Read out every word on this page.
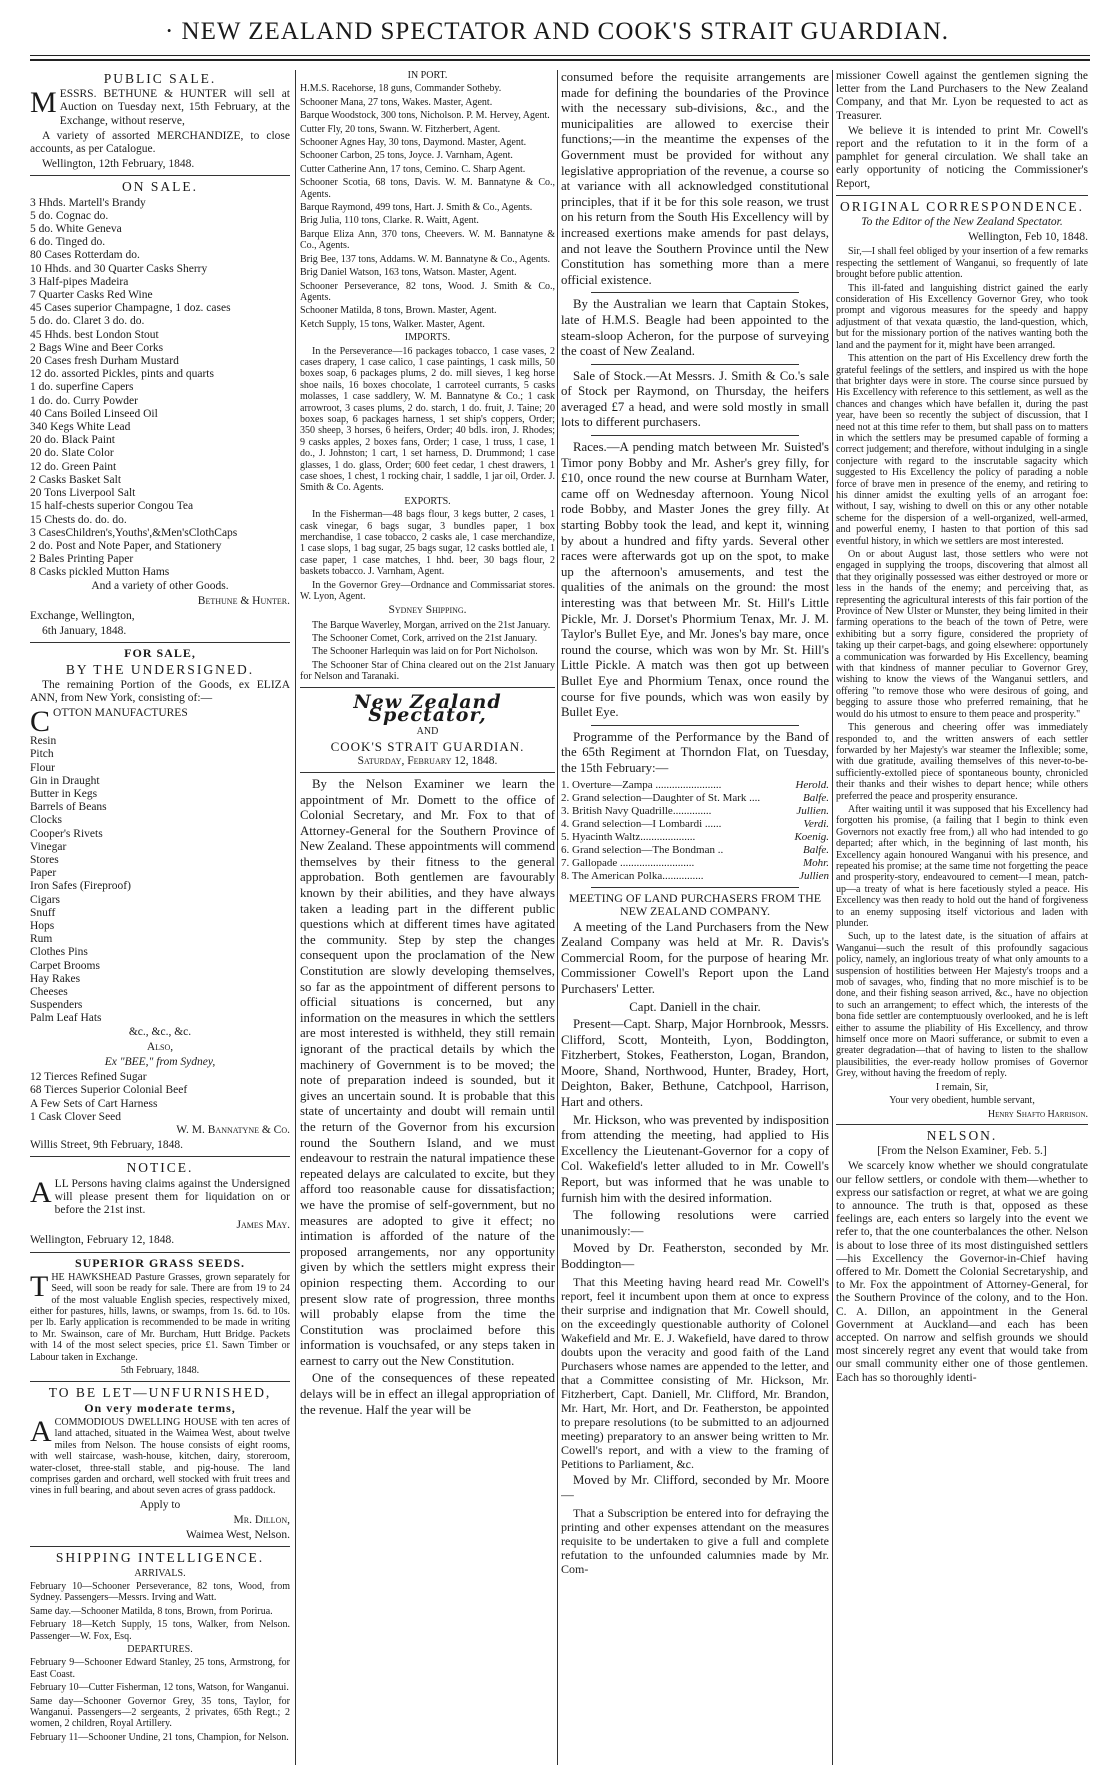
· NEW ZEALAND SPECTATOR AND COOK'S STRAIT GUARDIAN.
PUBLIC SALE.

MESSRS. BETHUNE & HUNTER will sell at Auction on Tuesday next, 15th February, at the Exchange, without reserve,

A variety of assorted MERCHANDIZE, to close accounts, as per Catalogue.

Wellington, 12th February, 1848.

ON SALE.
3 Hhds. Martell's Brandy
5 do. Cognac do.
5 do. White Geneva
6 do. Tinged do.
80 Cases Rotterdam do.
10 Hhds. and 30 Quarter Casks Sherry
3 Half-pipes Madeira
7 Quarter Casks Red Wine
45 Cases superior Champagne, 1 doz. cases
5 do. do. Claret 3 do. do.
45 Hhds. best London Stout
2 Bags Wine and Beer Corks
20 Cases fresh Durham Mustard
12 do. assorted Pickles, pints and quarts
1 do. superfine Capers
1 do. do. Curry Powder
40 Cans Boiled Linseed Oil
340 Kegs White Lead
20 do. Black Paint
20 do. Slate Color
12 do. Green Paint
2 Casks Basket Salt
20 Tons Liverpool Salt
15 half-chests superior Congou Tea
15 Chests do. do. do.
3 CasesChildren's,Youths',&Men'sClothCaps
2 do. Post and Note Paper, and Stationery
2 Bales Printing Paper
8 Casks pickled Mutton Hams

And a variety of other Goods.

Bethune & Hunter.

Exchange, Wellington,

6th January, 1848.

FOR SALE,
BY THE UNDERSIGNED.

The remaining Portion of the Goods, ex ELIZA ANN, from New York, consisting of:—

COTTON MANUFACTURES

Resin
Pitch
Flour
Gin in Draught
Butter in Kegs
Barrels of Beans
Clocks
Cooper's Rivets
Vinegar
Stores
Paper
Iron Safes (Fireproof)
Cigars
Snuff
Hops
Rum
Clothes Pins
Carpet Brooms
Hay Rakes
Cheeses
Suspenders
Palm Leaf Hats

&c., &c., &c.

Also,

Ex "BEE," from Sydney,

12 Tierces Refined Sugar
68 Tierces Superior Colonial Beef
A Few Sets of Cart Harness
1 Cask Clover Seed

W. M. Bannatyne & Co.

Willis Street, 9th February, 1848.

NOTICE.

ALL Persons having claims against the Undersigned will please present them for liquidation on or before the 21st inst.

James May.

Wellington, February 12, 1848.

SUPERIOR GRASS SEEDS.

THE HAWKSHEAD Pasture Grasses, grown separately for Seed, will soon be ready for sale. There are from 19 to 24 of the most valuable English species, respectively mixed, either for pastures, hills, lawns, or swamps, from 1s. 6d. to 10s. per lb. Early application is recommended to be made in writing to Mr. Swainson, care of Mr. Burcham, Hutt Bridge. Packets with 14 of the most select species, price £1. Sawn Timber or Labour taken in Exchange.

5th February, 1848.

TO BE LET—UNFURNISHED,
On very moderate terms,

ACOMMODIOUS DWELLING HOUSE with ten acres of land attached, situated in the Waimea West, about twelve miles from Nelson. The house consists of eight rooms, with well staircase, wash-house, kitchen, dairy, storeroom, water-closet, three-stall stable, and pig-house. The land comprises garden and orchard, well stocked with fruit trees and vines in full bearing, and about seven acres of grass paddock.

Apply to

Mr. Dillon,

Waimea West, Nelson.

SHIPPING INTELLIGENCE.

ARRIVALS.

February 10—Schooner Perseverance, 82 tons, Wood, from Sydney. Passengers—Messrs. Irving and Watt.

Same day.—Schooner Matilda, 8 tons, Brown, from Porirua.

February 18—Ketch Supply, 15 tons, Walker, from Nelson. Passenger—W. Fox, Esq.

DEPARTURES.

February 9—Schooner Edward Stanley, 25 tons, Armstrong, for East Coast.

February 10—Cutter Fisherman, 12 tons, Watson, for Wanganui.

Same day—Schooner Governor Grey, 35 tons, Taylor, for Wanganui. Passengers—2 sergeants, 2 privates, 65th Regt.; 2 women, 2 children, Royal Artillery.

February 11—Schooner Undine, 21 tons, Champion, for Nelson.

IN PORT.

H.M.S. Racehorse, 18 guns, Commander Sotheby.

Schooner Mana, 27 tons, Wakes. Master, Agent.

Barque Woodstock, 300 tons, Nicholson. P. M. Hervey, Agent.

Cutter Fly, 20 tons, Swann. W. Fitzherbert, Agent.

Schooner Agnes Hay, 30 tons, Daymond. Master, Agent.

Schooner Carbon, 25 tons, Joyce. J. Varnham, Agent.

Cutter Catherine Ann, 17 tons, Cemino. C. Sharp Agent.

Schooner Scotia, 68 tons, Davis. W. M. Bannatyne & Co., Agents.

Barque Raymond, 499 tons, Hart. J. Smith & Co., Agents.

Brig Julia, 110 tons, Clarke. R. Waitt, Agent.

Barque Eliza Ann, 370 tons, Cheevers. W. M. Bannatyne & Co., Agents.

Brig Bee, 137 tons, Addams. W. M. Bannatyne & Co., Agents.

Brig Daniel Watson, 163 tons, Watson. Master, Agent.

Schooner Perseverance, 82 tons, Wood. J. Smith & Co., Agents.

Schooner Matilda, 8 tons, Brown. Master, Agent.

Ketch Supply, 15 tons, Walker. Master, Agent.

IMPORTS.

In the Perseverance—16 packages tobacco, 1 case vases, 2 cases drapery, 1 case calico, 1 case paintings, 1 cask mills, 50 boxes soap, 6 packages plums, 2 do. mill sieves, 1 keg horse shoe nails, 16 boxes chocolate, 1 carroteel currants, 5 casks molasses, 1 case saddlery, W. M. Bannatyne & Co.; 1 cask arrowroot, 3 cases plums, 2 do. starch, 1 do. fruit, J. Taine; 20 boxes soap, 6 packages harness, 1 set ship's coppers, Order; 350 sheep, 3 horses, 6 heifers, Order; 40 bdls. iron, J. Rhodes; 9 casks apples, 2 boxes fans, Order; 1 case, 1 truss, 1 case, 1 do., J. Johnston; 1 cart, 1 set harness, D. Drummond; 1 case glasses, 1 do. glass, Order; 600 feet cedar, 1 chest drawers, 1 case shoes, 1 chest, 1 rocking chair, 1 saddle, 1 jar oil, Order. J. Smith & Co. Agents.

EXPORTS.

In the Fisherman—48 bags flour, 3 kegs butter, 2 cases, 1 cask vinegar, 6 bags sugar, 3 bundles paper, 1 box merchandise, 1 case tobacco, 2 casks ale, 1 case merchandize, 1 case slops, 1 bag sugar, 25 bags sugar, 12 casks bottled ale, 1 case paper, 1 case matches, 1 hhd. beer, 30 bags flour, 2 baskets tobacco. J. Varnham, Agent.

In the Governor Grey—Ordnance and Commissariat stores. W. Lyon, Agent.

Sydney Shipping.

The Barque Waverley, Morgan, arrived on the 21st January.

The Schooner Comet, Cork, arrived on the 21st January.

The Schooner Harlequin was laid on for Port Nicholson.

The Schooner Star of China cleared out on the 21st January for Nelson and Taranaki.

New Zealand Spectator,

AND

COOK'S STRAIT GUARDIAN.

Saturday, February 12, 1848.

By the Nelson Examiner we learn the appointment of Mr. Domett to the office of Colonial Secretary, and Mr. Fox to that of Attorney-General for the Southern Province of New Zealand. These appointments will commend themselves by their fitness to the general approbation. Both gentlemen are favourably known by their abilities, and they have always taken a leading part in the different public questions which at different times have agitated the community. Step by step the changes consequent upon the proclamation of the New Constitution are slowly developing themselves, so far as the appointment of different persons to official situations is concerned, but any information on the measures in which the settlers are most interested is withheld, they still remain ignorant of the practical details by which the machinery of Government is to be moved; the note of preparation indeed is sounded, but it gives an uncertain sound. It is probable that this state of uncertainty and doubt will remain until the return of the Governor from his excursion round the Southern Island, and we must endeavour to restrain the natural impatience these repeated delays are calculated to excite, but they afford too reasonable cause for dissatisfaction; we have the promise of self-government, but no measures are adopted to give it effect; no intimation is afforded of the nature of the proposed arrangements, nor any opportunity given by which the settlers might express their opinion respecting them. According to our present slow rate of progression, three months will probably elapse from the time the Constitution was proclaimed before this information is vouchsafed, or any steps taken in earnest to carry out the New Constitution.

One of the consequences of these repeated delays will be in effect an illegal appropriation of the revenue. Half the year will be

consumed before the requisite arrangements are made for defining the boundaries of the Province with the necessary sub-divisions, &c., and the municipalities are allowed to exercise their functions;—in the meantime the expenses of the Government must be provided for without any legislative appropriation of the revenue, a course so at variance with all acknowledged constitutional principles, that if it be for this sole reason, we trust on his return from the South His Excellency will by increased exertions make amends for past delays, and not leave the Southern Province until the New Constitution has something more than a mere official existence.

By the Australian we learn that Captain Stokes, late of H.M.S. Beagle had been appointed to the steam-sloop Acheron, for the purpose of surveying the coast of New Zealand.

Sale of Stock.—At Messrs. J. Smith & Co.'s sale of Stock per Raymond, on Thursday, the heifers averaged £7 a head, and were sold mostly in small lots to different purchasers.

Races.—A pending match between Mr. Suisted's Timor pony Bobby and Mr. Asher's grey filly, for £10, once round the new course at Burnham Water, came off on Wednesday afternoon. Young Nicol rode Bobby, and Master Jones the grey filly. At starting Bobby took the lead, and kept it, winning by about a hundred and fifty yards. Several other races were afterwards got up on the spot, to make up the afternoon's amusements, and test the qualities of the animals on the ground: the most interesting was that between Mr. St. Hill's Little Pickle, Mr. J. Dorset's Phormium Tenax, Mr. J. M. Taylor's Bullet Eye, and Mr. Jones's bay mare, once round the course, which was won by Mr. St. Hill's Little Pickle. A match was then got up between Bullet Eye and Phormium Tenax, once round the course for five pounds, which was won easily by Bullet Eye.

Programme of the Performance by the Band of the 65th Regiment at Thorndon Flat, on Tuesday, the 15th February:—

1. Overture—Zampa ........................	Herold.
2. Grand selection—Daughter of St. Mark ....	Balfe.
3. British Navy Quadrille..............	Jullien.
4. Grand selection—I Lombardi ......	Verdi.
5. Hyacinth Waltz....................	Koenig.
6. Grand selection—The Bondman ..	Balfe.
7. Gallopade ...........................	Mohr.
8. The American Polka...............	Jullien

MEETING OF LAND PURCHASERS FROM THE NEW ZEALAND COMPANY.

A meeting of the Land Purchasers from the New Zealand Company was held at Mr. R. Davis's Commercial Room, for the purpose of hearing Mr. Commissioner Cowell's Report upon the Land Purchasers' Letter.

Capt. Daniell in the chair.

Present—Capt. Sharp, Major Hornbrook, Messrs. Clifford, Scott, Monteith, Lyon, Boddington, Fitzherbert, Stokes, Featherston, Logan, Brandon, Moore, Shand, Northwood, Hunter, Bradey, Hort, Deighton, Baker, Bethune, Catchpool, Harrison, Hart and others.

Mr. Hickson, who was prevented by indisposition from attending the meeting, had applied to His Excellency the Lieutenant-Governor for a copy of Col. Wakefield's letter alluded to in Mr. Cowell's Report, but was informed that he was unable to furnish him with the desired information.

The following resolutions were carried unanimously:—

Moved by Dr. Featherston, seconded by Mr. Boddington—

That this Meeting having heard read Mr. Cowell's report, feel it incumbent upon them at once to express their surprise and indignation that Mr. Cowell should, on the exceedingly questionable authority of Colonel Wakefield and Mr. E. J. Wakefield, have dared to throw doubts upon the veracity and good faith of the Land Purchasers whose names are appended to the letter, and that a Committee consisting of Mr. Hickson, Mr. Fitzherbert, Capt. Daniell, Mr. Clifford, Mr. Brandon, Mr. Hart, Mr. Hort, and Dr. Featherston, be appointed to prepare resolutions (to be submitted to an adjourned meeting) preparatory to an answer being written to Mr. Cowell's report, and with a view to the framing of Petitions to Parliament, &c.

Moved by Mr. Clifford, seconded by Mr. Moore—

That a Subscription be entered into for defraying the printing and other expenses attendant on the measures requisite to be undertaken to give a full and complete refutation to the unfounded calumnies made by Mr. Com-

missioner Cowell against the gentlemen signing the letter from the Land Purchasers to the New Zealand Company, and that Mr. Lyon be requested to act as Treasurer.

We believe it is intended to print Mr. Cowell's report and the refutation to it in the form of a pamphlet for general circulation. We shall take an early opportunity of noticing the Commissioner's Report,

ORIGINAL CORRESPONDENCE.

To the Editor of the New Zealand Spectator.

Wellington, Feb 10, 1848.

Sir,—I shall feel obliged by your insertion of a few remarks respecting the settlement of Wanganui, so frequently of late brought before public attention.

This ill-fated and languishing district gained the early consideration of His Excellency Governor Grey, who took prompt and vigorous measures for the speedy and happy adjustment of that vexata quæstio, the land-question, which, but for the missionary portion of the natives wanting both the land and the payment for it, might have been arranged.

This attention on the part of His Excellency drew forth the grateful feelings of the settlers, and inspired us with the hope that brighter days were in store. The course since pursued by His Excellency with reference to this settlement, as well as the chances and changes which have befallen it, during the past year, have been so recently the subject of discussion, that I need not at this time refer to them, but shall pass on to matters in which the settlers may be presumed capable of forming a correct judgement; and therefore, without indulging in a single conjecture with regard to the inscrutable sagacity which suggested to His Excellency the policy of parading a noble force of brave men in presence of the enemy, and retiring to his dinner amidst the exulting yells of an arrogant foe: without, I say, wishing to dwell on this or any other notable scheme for the dispersion of a well-organized, well-armed, and powerful enemy, I hasten to that portion of this sad eventful history, in which we settlers are most interested.

On or about August last, those settlers who were not engaged in supplying the troops, discovering that almost all that they originally possessed was either destroyed or more or less in the hands of the enemy; and perceiving that, as representing the agricultural interests of this fair portion of the Province of New Ulster or Munster, they being limited in their farming operations to the beach of the town of Petre, were exhibiting but a sorry figure, considered the propriety of taking up their carpet-bags, and going elsewhere: opportunely a communication was forwarded by His Excellency, beaming with that kindness of manner peculiar to Governor Grey, wishing to know the views of the Wanganui settlers, and offering "to remove those who were desirous of going, and begging to assure those who preferred remaining, that he would do his utmost to ensure to them peace and prosperity."

This generous and cheering offer was immediately responded to, and the written answers of each settler forwarded by her Majesty's war steamer the Inflexible; some, with due gratitude, availing themselves of this never-to-be-sufficiently-extolled piece of spontaneous bounty, chronicled their thanks and their wishes to depart hence; while others preferred the peace and prosperity ensurance.

After waiting until it was supposed that his Excellency had forgotten his promise, (a failing that I begin to think even Governors not exactly free from,) all who had intended to go departed; after which, in the beginning of last month, his Excellency again honoured Wanganui with his presence, and repeated his promise; at the same time not forgetting the peace and prosperity-story, endeavoured to cement—I mean, patch-up—a treaty of what is here facetiously styled a peace. His Excellency was then ready to hold out the hand of forgiveness to an enemy supposing itself victorious and laden with plunder.

Such, up to the latest date, is the situation of affairs at Wanganui—such the result of this profoundly sagacious policy, namely, an inglorious treaty of what only amounts to a suspension of hostilities between Her Majesty's troops and a mob of savages, who, finding that no more mischief is to be done, and their fishing season arrived, &c., have no objection to such an arrangement; to effect which, the interests of the bona fide settler are contemptuously overlooked, and he is left either to assume the pliability of His Excellency, and throw himself once more on Maori sufferance, or submit to even a greater degradation—that of having to listen to the shallow plausibilities, the ever-ready hollow promises of Governor Grey, without having the freedom of reply.

I remain, Sir,

Your very obedient, humble servant,

Henry Shafto Harrison.

NELSON.

[From the Nelson Examiner, Feb. 5.]

We scarcely know whether we should congratulate our fellow settlers, or condole with them—whether to express our satisfaction or regret, at what we are going to announce. The truth is that, opposed as these feelings are, each enters so largely into the event we refer to, that the one counterbalances the other. Nelson is about to lose three of its most distinguished settlers—his Excellency the Governor-in-Chief having offered to Mr. Domett the Colonial Secretaryship, and to Mr. Fox the appointment of Attorney-General, for the Southern Province of the colony, and to the Hon. C. A. Dillon, an appointment in the General Government at Auckland—and each has been accepted. On narrow and selfish grounds we should most sincerely regret any event that would take from our small community either one of those gentlemen. Each has so thoroughly identi-
